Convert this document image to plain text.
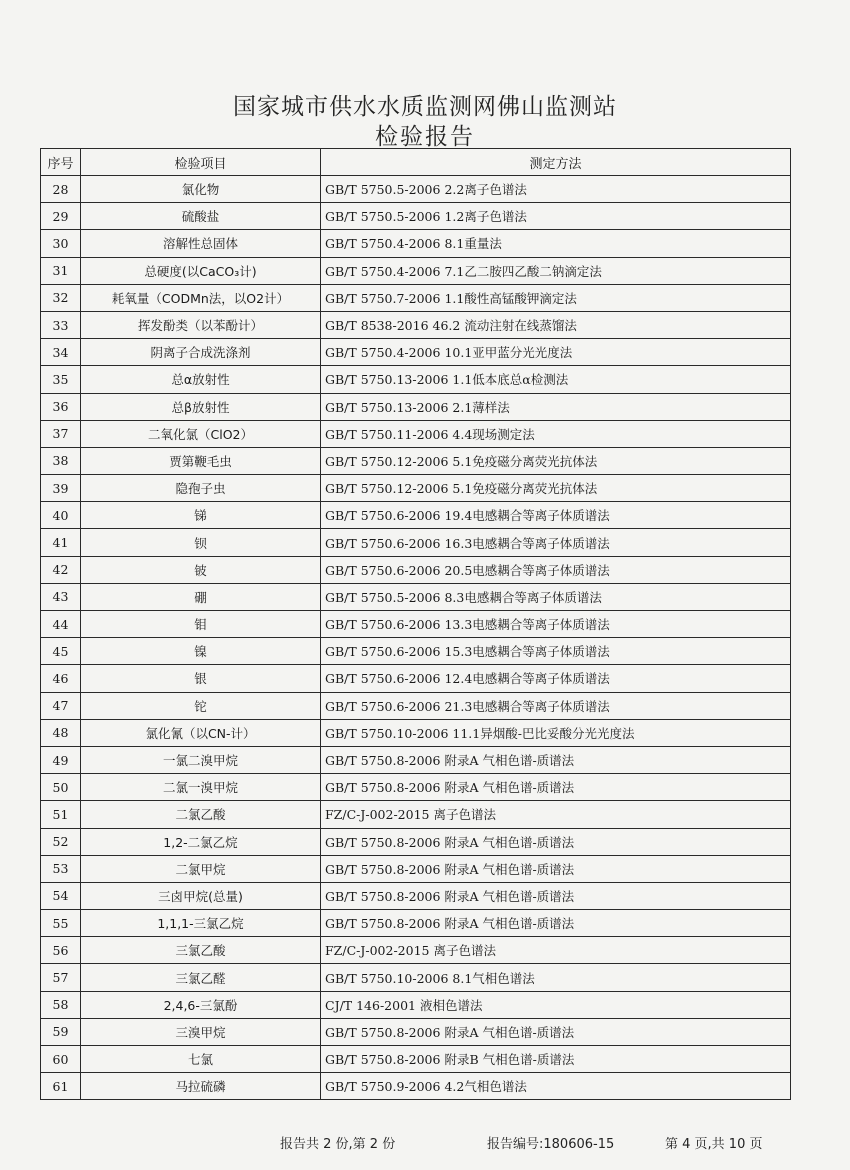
国家城市供水水质监测网佛山监测站
检验报告
序号	检验项目	测定方法
28	氯化物	GB/T 5750.5-2006 2.2离子色谱法
29	硫酸盐	GB/T 5750.5-2006 1.2离子色谱法
30	溶解性总固体	GB/T 5750.4-2006 8.1重量法
31	总硬度(以CaCO₃计)	GB/T 5750.4-2006 7.1乙二胺四乙酸二钠滴定法
32	耗氧量（CODMn法，以O2计）	GB/T 5750.7-2006 1.1酸性高锰酸钾滴定法
33	挥发酚类（以苯酚计）	GB/T 8538-2016 46.2 流动注射在线蒸馏法
34	阴离子合成洗涤剂	GB/T 5750.4-2006 10.1亚甲蓝分光光度法
35	总α放射性	GB/T 5750.13-2006 1.1低本底总α检测法
36	总β放射性	GB/T 5750.13-2006 2.1薄样法
37	二氧化氯（ClO2）	GB/T 5750.11-2006 4.4现场测定法
38	贾第鞭毛虫	GB/T 5750.12-2006 5.1免疫磁分离荧光抗体法
39	隐孢子虫	GB/T 5750.12-2006 5.1免疫磁分离荧光抗体法
40	锑	GB/T 5750.6-2006 19.4电感耦合等离子体质谱法
41	钡	GB/T 5750.6-2006 16.3电感耦合等离子体质谱法
42	铍	GB/T 5750.6-2006 20.5电感耦合等离子体质谱法
43	硼	GB/T 5750.5-2006 8.3电感耦合等离子体质谱法
44	钼	GB/T 5750.6-2006 13.3电感耦合等离子体质谱法
45	镍	GB/T 5750.6-2006 15.3电感耦合等离子体质谱法
46	银	GB/T 5750.6-2006 12.4电感耦合等离子体质谱法
47	铊	GB/T 5750.6-2006 21.3电感耦合等离子体质谱法
48	氯化氰（以CN-计）	GB/T 5750.10-2006 11.1异烟酸-巴比妥酸分光光度法
49	一氯二溴甲烷	GB/T 5750.8-2006 附录A 气相色谱-质谱法
50	二氯一溴甲烷	GB/T 5750.8-2006 附录A 气相色谱-质谱法
51	二氯乙酸	FZ/C-J-002-2015 离子色谱法
52	1,2-二氯乙烷	GB/T 5750.8-2006 附录A 气相色谱-质谱法
53	二氯甲烷	GB/T 5750.8-2006 附录A 气相色谱-质谱法
54	三卤甲烷(总量)	GB/T 5750.8-2006 附录A 气相色谱-质谱法
55	1,1,1-三氯乙烷	GB/T 5750.8-2006 附录A 气相色谱-质谱法
56	三氯乙酸	FZ/C-J-002-2015 离子色谱法
57	三氯乙醛	GB/T 5750.10-2006 8.1气相色谱法
58	2,4,6-三氯酚	CJ/T 146-2001 液相色谱法
59	三溴甲烷	GB/T 5750.8-2006 附录A 气相色谱-质谱法
60	七氯	GB/T 5750.8-2006 附录B 气相色谱-质谱法
61	马拉硫磷	GB/T 5750.9-2006 4.2气相色谱法
报告共 2 份,第 2 份	报告编号:180606-15	第 4 页,共 10 页
